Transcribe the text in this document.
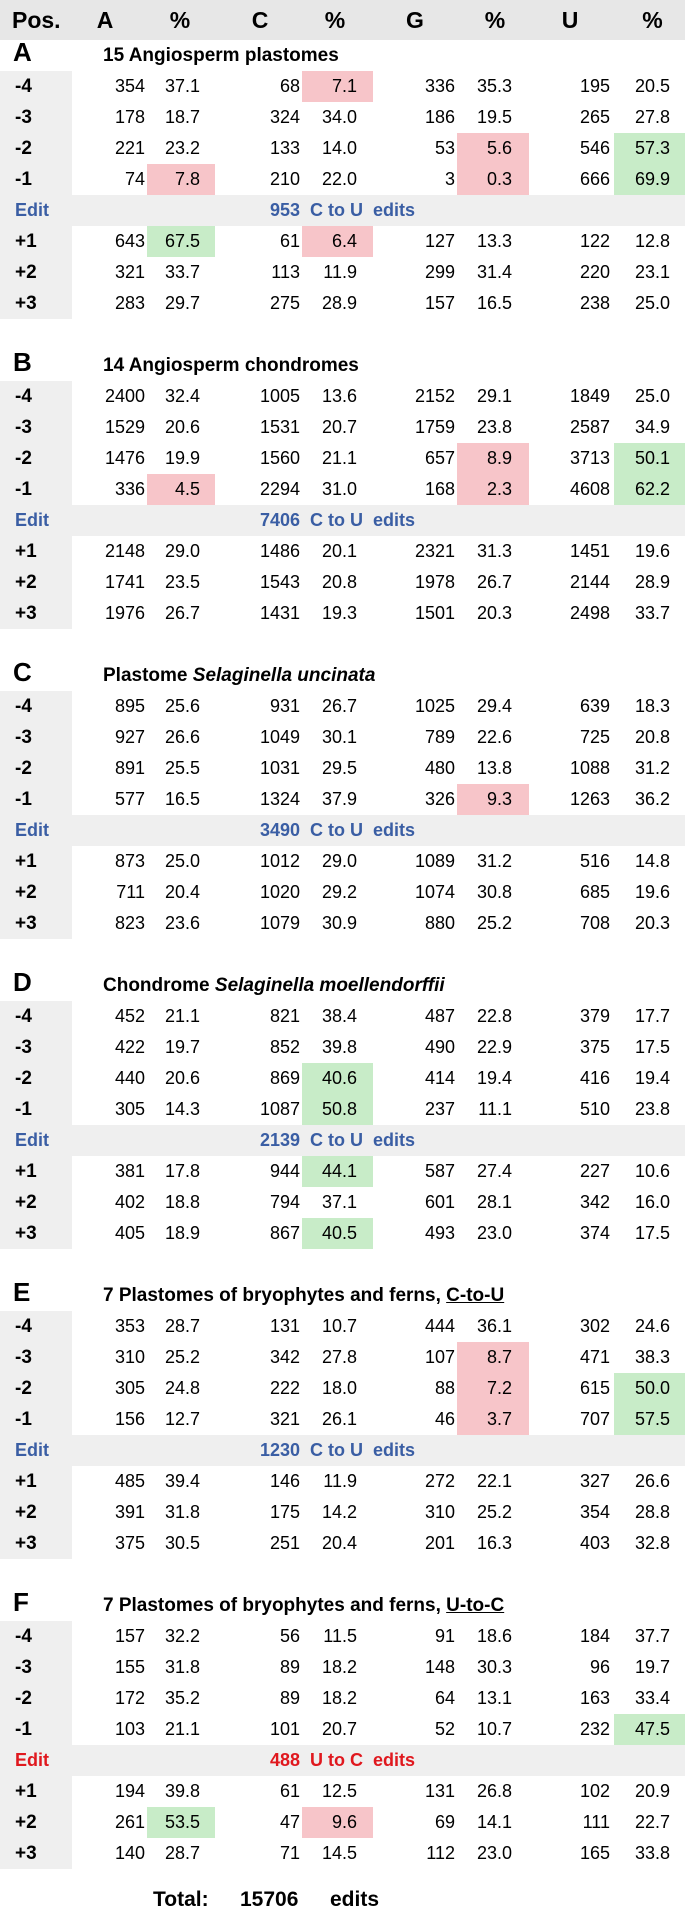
Pos.	A	%	C	%	G	%	U	%
A	15 Angiosperm plastomes
-4	354	37.1	68	7.1	336	35.3	195	20.5
-3	178	18.7	324	34.0	186	19.5	265	27.8
-2	221	23.2	133	14.0	53	5.6	546	57.3
-1	74	7.8	210	22.0	3	0.3	666	69.9
Edit	953 C to U  edits
+1	643	67.5	61	6.4	127	13.3	122	12.8
+2	321	33.7	113	11.9	299	31.4	220	23.1
+3	283	29.7	275	28.9	157	16.5	238	25.0
B	14 Angiosperm chondromes
-4	2400	32.4	1005	13.6	2152	29.1	1849	25.0
-3	1529	20.6	1531	20.7	1759	23.8	2587	34.9
-2	1476	19.9	1560	21.1	657	8.9	3713	50.1
-1	336	4.5	2294	31.0	168	2.3	4608	62.2
Edit	7406 C to U  edits
+1	2148	29.0	1486	20.1	2321	31.3	1451	19.6
+2	1741	23.5	1543	20.8	1978	26.7	2144	28.9
+3	1976	26.7	1431	19.3	1501	20.3	2498	33.7
C	Plastome Selaginella uncinata
-4	895	25.6	931	26.7	1025	29.4	639	18.3
-3	927	26.6	1049	30.1	789	22.6	725	20.8
-2	891	25.5	1031	29.5	480	13.8	1088	31.2
-1	577	16.5	1324	37.9	326	9.3	1263	36.2
Edit	3490 C to U  edits
+1	873	25.0	1012	29.0	1089	31.2	516	14.8
+2	711	20.4	1020	29.2	1074	30.8	685	19.6
+3	823	23.6	1079	30.9	880	25.2	708	20.3
D	Chondrome Selaginella moellendorffii
-4	452	21.1	821	38.4	487	22.8	379	17.7
-3	422	19.7	852	39.8	490	22.9	375	17.5
-2	440	20.6	869	40.6	414	19.4	416	19.4
-1	305	14.3	1087	50.8	237	11.1	510	23.8
Edit	2139 C to U  edits
+1	381	17.8	944	44.1	587	27.4	227	10.6
+2	402	18.8	794	37.1	601	28.1	342	16.0
+3	405	18.9	867	40.5	493	23.0	374	17.5
E	7 Plastomes of bryophytes and ferns, C-to-U
-4	353	28.7	131	10.7	444	36.1	302	24.6
-3	310	25.2	342	27.8	107	8.7	471	38.3
-2	305	24.8	222	18.0	88	7.2	615	50.0
-1	156	12.7	321	26.1	46	3.7	707	57.5
Edit	1230 C to U  edits
+1	485	39.4	146	11.9	272	22.1	327	26.6
+2	391	31.8	175	14.2	310	25.2	354	28.8
+3	375	30.5	251	20.4	201	16.3	403	32.8
F	7 Plastomes of bryophytes and ferns, U-to-C
-4	157	32.2	56	11.5	91	18.6	184	37.7
-3	155	31.8	89	18.2	148	30.3	96	19.7
-2	172	35.2	89	18.2	64	13.1	163	33.4
-1	103	21.1	101	20.7	52	10.7	232	47.5
Edit	488 U to C  edits
+1	194	39.8	61	12.5	131	26.8	102	20.9
+2	261	53.5	47	9.6	69	14.1	111	22.7
+3	140	28.7	71	14.5	112	23.0	165	33.8
Total: 15706 edits
